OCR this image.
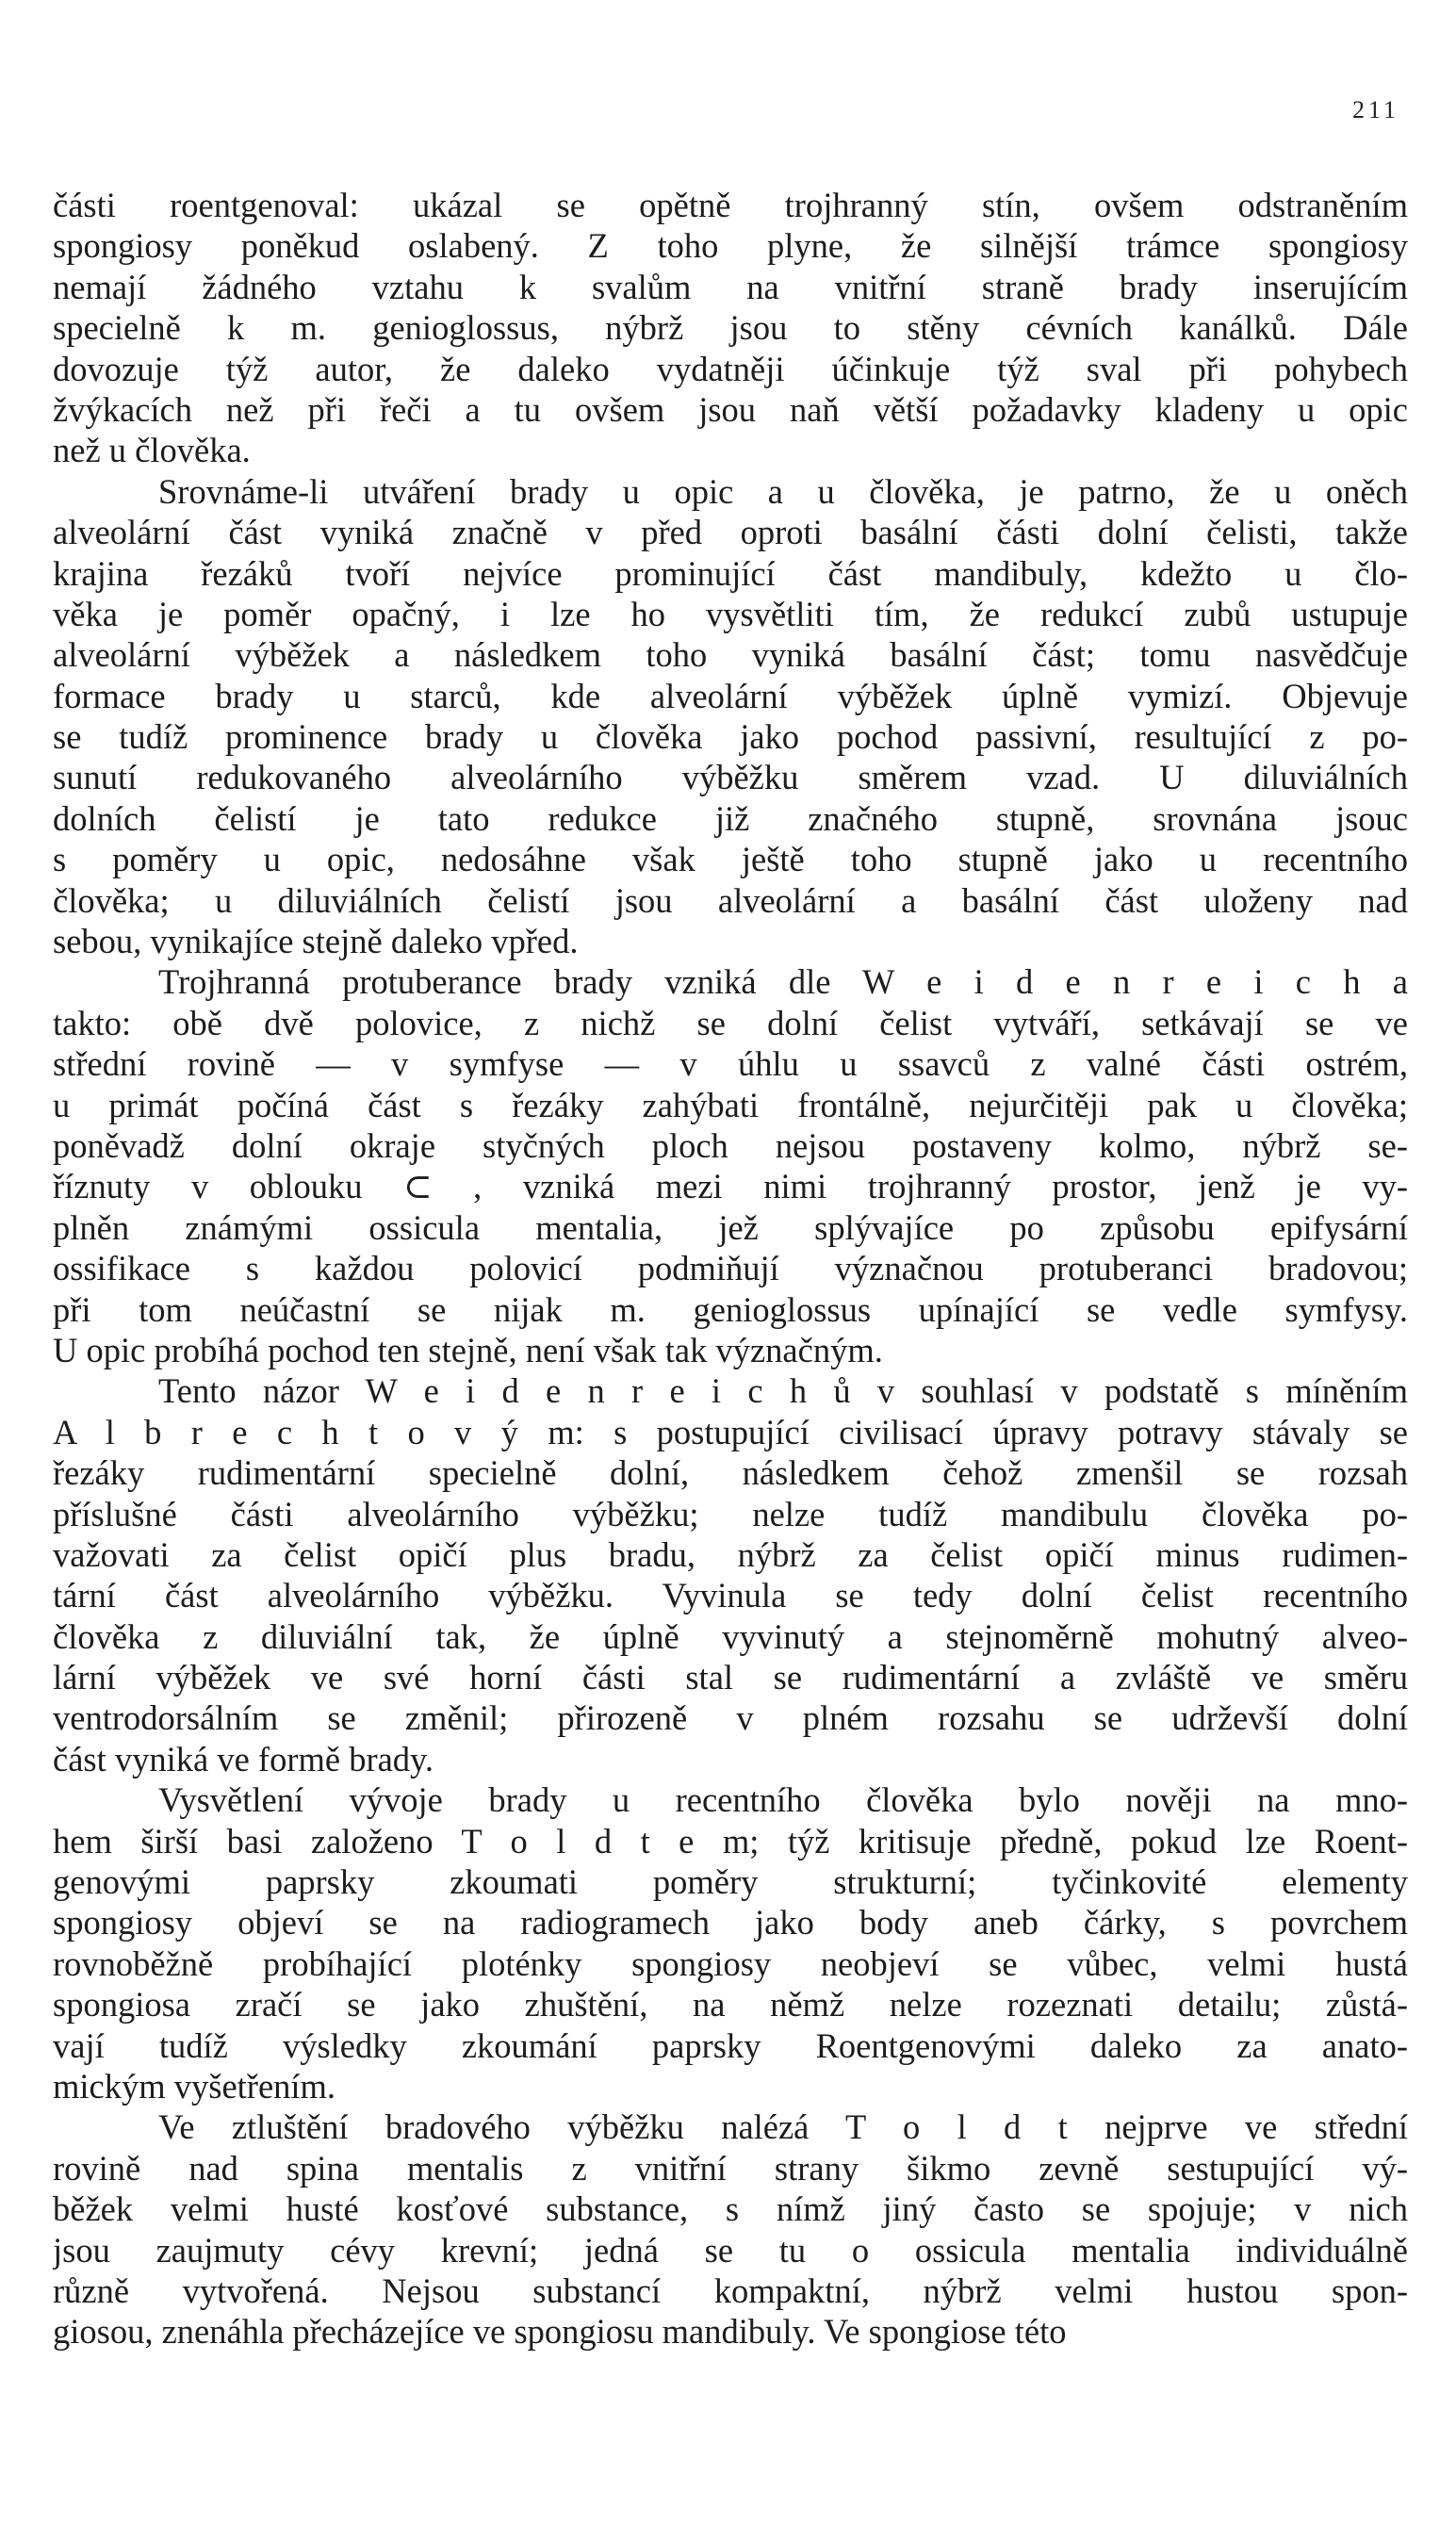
211
části roentgenoval: ukázal se opětně trojhranný stín, ovšem odstraněním
spongiosy poněkud oslabený. Z toho plyne, že silnější trámce spongiosy
nemají žádného vztahu k svalům na vnitřní straně brady inserujícím
specielně k m. genioglossus, nýbrž jsou to stěny cévních kanálků. Dále
dovozuje týž autor, že daleko vydatněji účinkuje týž sval při pohybech
žvýkacích než při řeči a tu ovšem jsou naň větší požadavky kladeny u opic
než u člověka.
Srovnáme-li utváření brady u opic a u člověka, je patrno, že u oněch
alveolární část vyniká značně v před oproti basální části dolní čelisti, takže
krajina řezáků tvoří nejvíce prominující část mandibuly, kdežto u člo-
věka je poměr opačný, i lze ho vysvětliti tím, že redukcí zubů ustupuje
alveolární výběžek a následkem toho vyniká basální část; tomu nasvědčuje
formace brady u starců, kde alveolární výběžek úplně vymizí. Objevuje
se tudíž prominence brady u člověka jako pochod passivní, resultující z po-
sunutí redukovaného alveolárního výběžku směrem vzad. U diluviálních
dolních čelistí je tato redukce již značného stupně, srovnána jsouc
s poměry u opic, nedosáhne však ještě toho stupně jako u recentního
člověka; u diluviálních čelistí jsou alveolární a basální část uloženy nad
sebou, vynikajíce stejně daleko vpřed.
Trojhranná protuberance brady vzniká dle W e i d e n r e i c h a
takto: obě dvě polovice, z nichž se dolní čelist vytváří, setkávají se ve
střední rovině — v symfyse — v úhlu u ssavců z valné části ostrém,
u primát počíná část s řezáky zahýbati frontálně, nejurčitěji pak u člověka;
poněvadž dolní okraje styčných ploch nejsou postaveny kolmo, nýbrž se-
říznuty v oblouku ⊂ , vzniká mezi nimi trojhranný prostor, jenž je vy-
plněn známými ossicula mentalia, jež splývajíce po způsobu epifysární
ossifikace s každou polovicí podmiňují význačnou protuberanci bradovou;
při tom neúčastní se nijak m. genioglossus upínající se vedle symfysy.
U opic probíhá pochod ten stejně, není však tak význačným.
Tento názor W e i d e n r e i c h ů v souhlasí v podstatě s míněním
A l b r e c h t o v ý m: s postupující civilisací úpravy potravy stávaly se
řezáky rudimentární specielně dolní, následkem čehož zmenšil se rozsah
příslušné části alveolárního výběžku; nelze tudíž mandibulu člověka po-
važovati za čelist opičí plus bradu, nýbrž za čelist opičí minus rudimen-
tární část alveolárního výběžku. Vyvinula se tedy dolní čelist recentního
člověka z diluviální tak, že úplně vyvinutý a stejnoměrně mohutný alveo-
lární výběžek ve své horní části stal se rudimentární a zvláště ve směru
ventrodorsálním se změnil; přirozeně v plném rozsahu se udrževší dolní
část vyniká ve formě brady.
Vysvětlení vývoje brady u recentního člověka bylo nověji na mno-
hem širší basi založeno T o l d t e m; týž kritisuje předně, pokud lze Roent-
genovými paprsky zkoumati poměry strukturní; tyčinkovité elementy
spongiosy objeví se na radiogramech jako body aneb čárky, s povrchem
rovnoběžně probíhající ploténky spongiosy neobjeví se vůbec, velmi hustá
spongiosa zračí se jako zhuštění, na němž nelze rozeznati detailu; zůstá-
vají tudíž výsledky zkoumání paprsky Roentgenovými daleko za anato-
mickým vyšetřením.
Ve ztluštění bradového výběžku nalézá T o l d t nejprve ve střední
rovině nad spina mentalis z vnitřní strany šikmo zevně sestupující vý-
běžek velmi husté kosťové substance, s nímž jiný často se spojuje; v nich
jsou zaujmuty cévy krevní; jedná se tu o ossicula mentalia individuálně
různě vytvořená. Nejsou substancí kompaktní, nýbrž velmi hustou spon-
giosou, znenáhla přecházejíce ve spongiosu mandibuly. Ve spongiose této
